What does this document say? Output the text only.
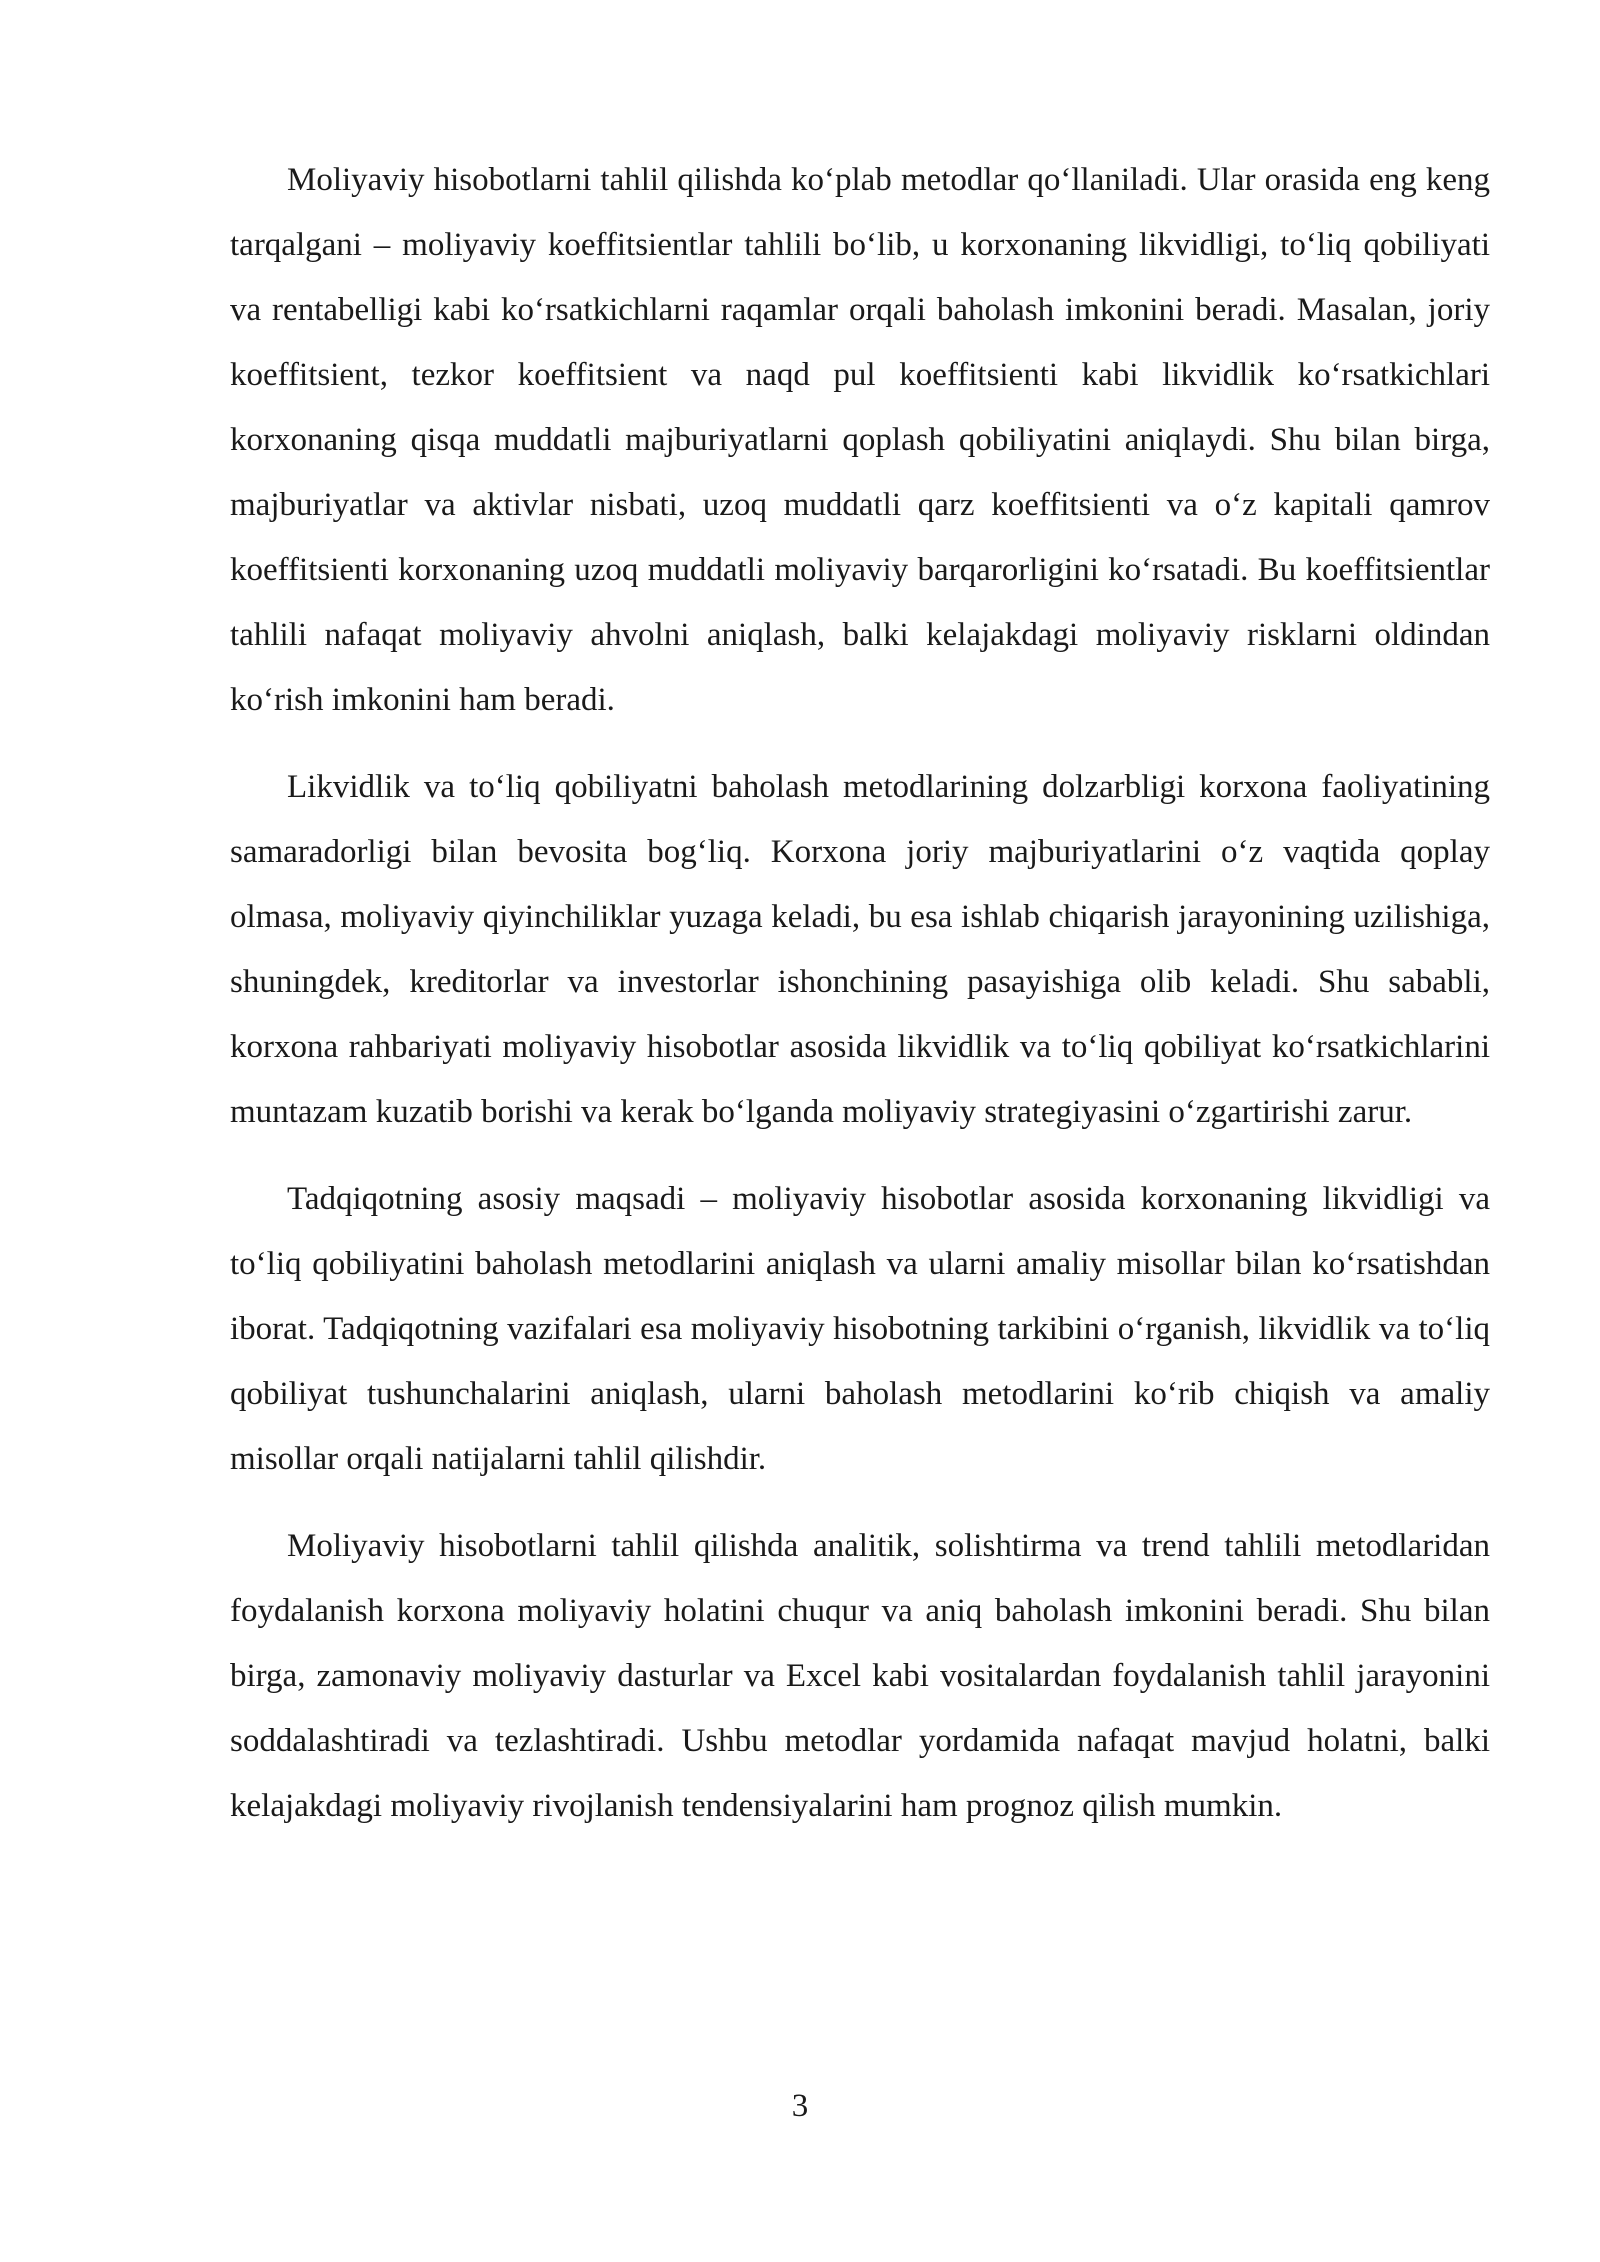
Moliyaviy hisobotlarni tahlil qilishda ko‘plab metodlar qo‘llaniladi. Ular orasida eng keng tarqalgani – moliyaviy koeffitsientlar tahlili bo‘lib, u korxonaning likvidligi, to‘liq qobiliyati va rentabelligi kabi ko‘rsatkichlarni raqamlar orqali baholash imkonini beradi. Masalan, joriy koeffitsient, tezkor koeffitsient va naqd pul koeffitsienti kabi likvidlik ko‘rsatkichlari korxonaning qisqa muddatli majburiyatlarni qoplash qobiliyatini aniqlaydi. Shu bilan birga, majburiyatlar va aktivlar nisbati, uzoq muddatli qarz koeffitsienti va o‘z kapitali qamrov koeffitsienti korxonaning uzoq muddatli moliyaviy barqarorligini ko‘rsatadi. Bu koeffitsientlar tahlili nafaqat moliyaviy ahvolni aniqlash, balki kelajakdagi moliyaviy risklarni oldindan ko‘rish imkonini ham beradi.

Likvidlik va to‘liq qobiliyatni baholash metodlarining dolzarbligi korxona faoliyatining samaradorligi bilan bevosita bog‘liq. Korxona joriy majburiyatlarini o‘z vaqtida qoplay olmasa, moliyaviy qiyinchiliklar yuzaga keladi, bu esa ishlab chiqarish jarayonining uzilishiga, shuningdek, kreditorlar va investorlar ishonchining pasayishiga olib keladi. Shu sababli, korxona rahbariyati moliyaviy hisobotlar asosida likvidlik va to‘liq qobiliyat ko‘rsatkichlarini muntazam kuzatib borishi va kerak bo‘lganda moliyaviy strategiyasini o‘zgartirishi zarur.

Tadqiqotning asosiy maqsadi – moliyaviy hisobotlar asosida korxonaning likvidligi va to‘liq qobiliyatini baholash metodlarini aniqlash va ularni amaliy misollar bilan ko‘rsatishdan iborat. Tadqiqotning vazifalari esa moliyaviy hisobotning tarkibini o‘rganish, likvidlik va to‘liq qobiliyat tushunchalarini aniqlash, ularni baholash metodlarini ko‘rib chiqish va amaliy misollar orqali natijalarni tahlil qilishdir.

Moliyaviy hisobotlarni tahlil qilishda analitik, solishtirma va trend tahlili metodlaridan foydalanish korxona moliyaviy holatini chuqur va aniq baholash imkonini beradi. Shu bilan birga, zamonaviy moliyaviy dasturlar va Excel kabi vositalardan foydalanish tahlil jarayonini soddalashtiradi va tezlashtiradi. Ushbu metodlar yordamida nafaqat mavjud holatni, balki kelajakdagi moliyaviy rivojlanish tendensiyalarini ham prognoz qilish mumkin.

3
